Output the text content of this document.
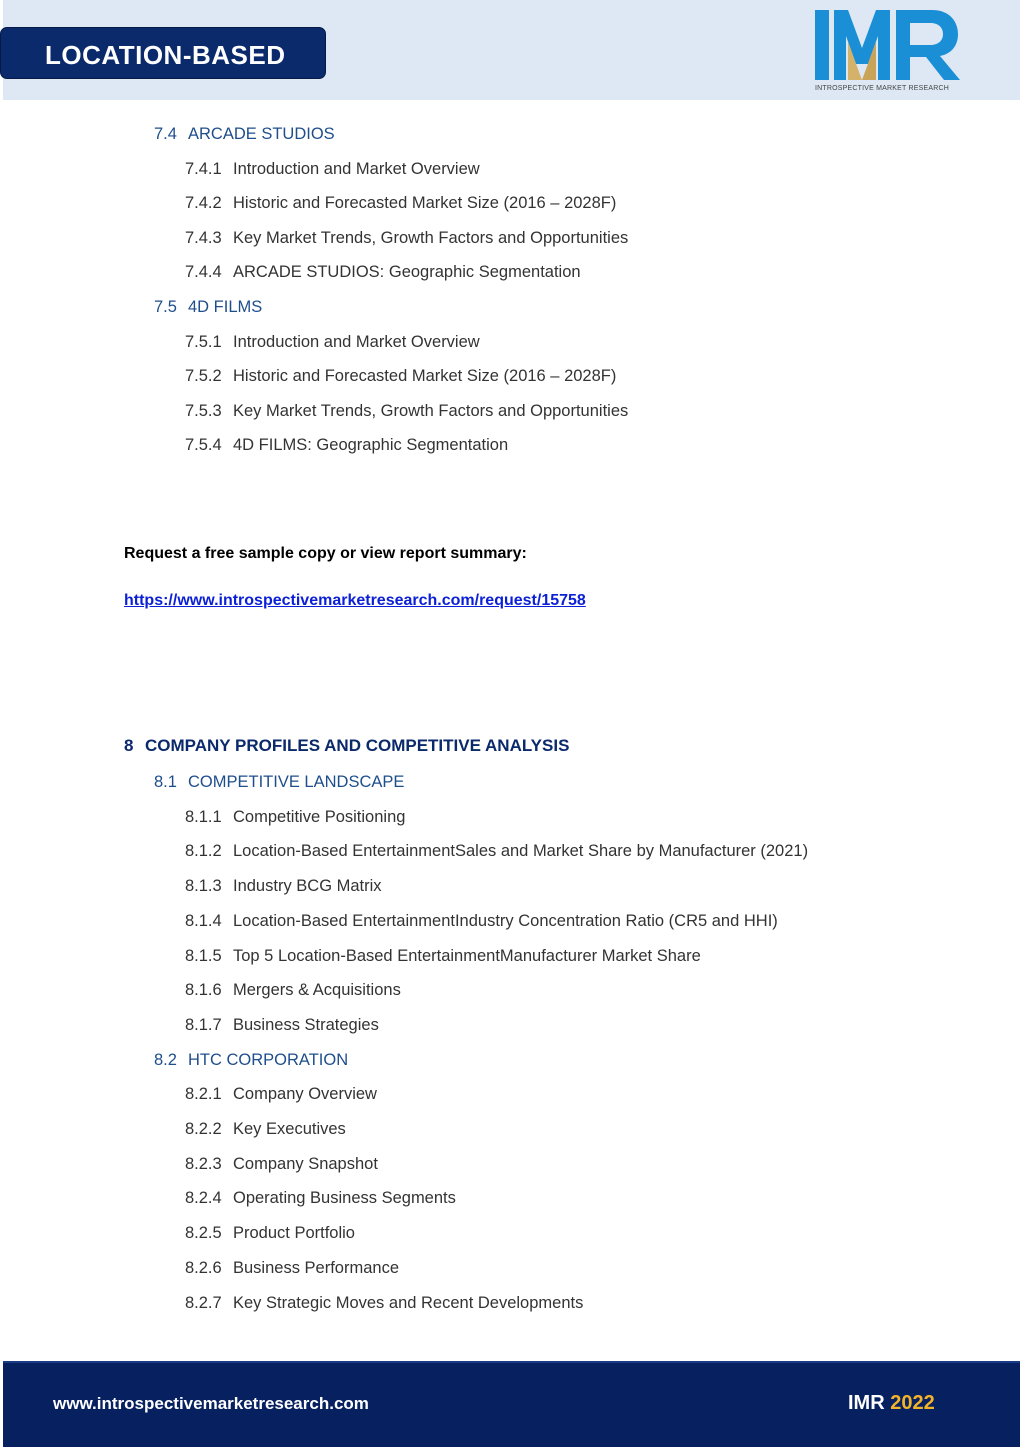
LOCATION-BASED
INTROSPECTIVE MARKET RESEARCH
7.4 ARCADE STUDIOS
7.4.1 Introduction and Market Overview
7.4.2 Historic and Forecasted Market Size (2016 – 2028F)
7.4.3 Key Market Trends, Growth Factors and Opportunities
7.4.4 ARCADE STUDIOS: Geographic Segmentation
7.5 4D FILMS
7.5.1 Introduction and Market Overview
7.5.2 Historic and Forecasted Market Size (2016 – 2028F)
7.5.3 Key Market Trends, Growth Factors and Opportunities
7.5.4 4D FILMS: Geographic Segmentation
Request a free sample copy or view report summary:
https://www.introspectivemarketresearch.com/request/15758
8 COMPANY PROFILES AND COMPETITIVE ANALYSIS
8.1 COMPETITIVE LANDSCAPE
8.1.1 Competitive Positioning
8.1.2 Location-Based EntertainmentSales and Market Share by Manufacturer (2021)
8.1.3 Industry BCG Matrix
8.1.4 Location-Based EntertainmentIndustry Concentration Ratio (CR5 and HHI)
8.1.5 Top 5 Location-Based EntertainmentManufacturer Market Share
8.1.6 Mergers & Acquisitions
8.1.7 Business Strategies
8.2 HTC CORPORATION
8.2.1 Company Overview
8.2.2 Key Executives
8.2.3 Company Snapshot
8.2.4 Operating Business Segments
8.2.5 Product Portfolio
8.2.6 Business Performance
8.2.7 Key Strategic Moves and Recent Developments
www.introspectivemarketresearch.com	IMR 2022
